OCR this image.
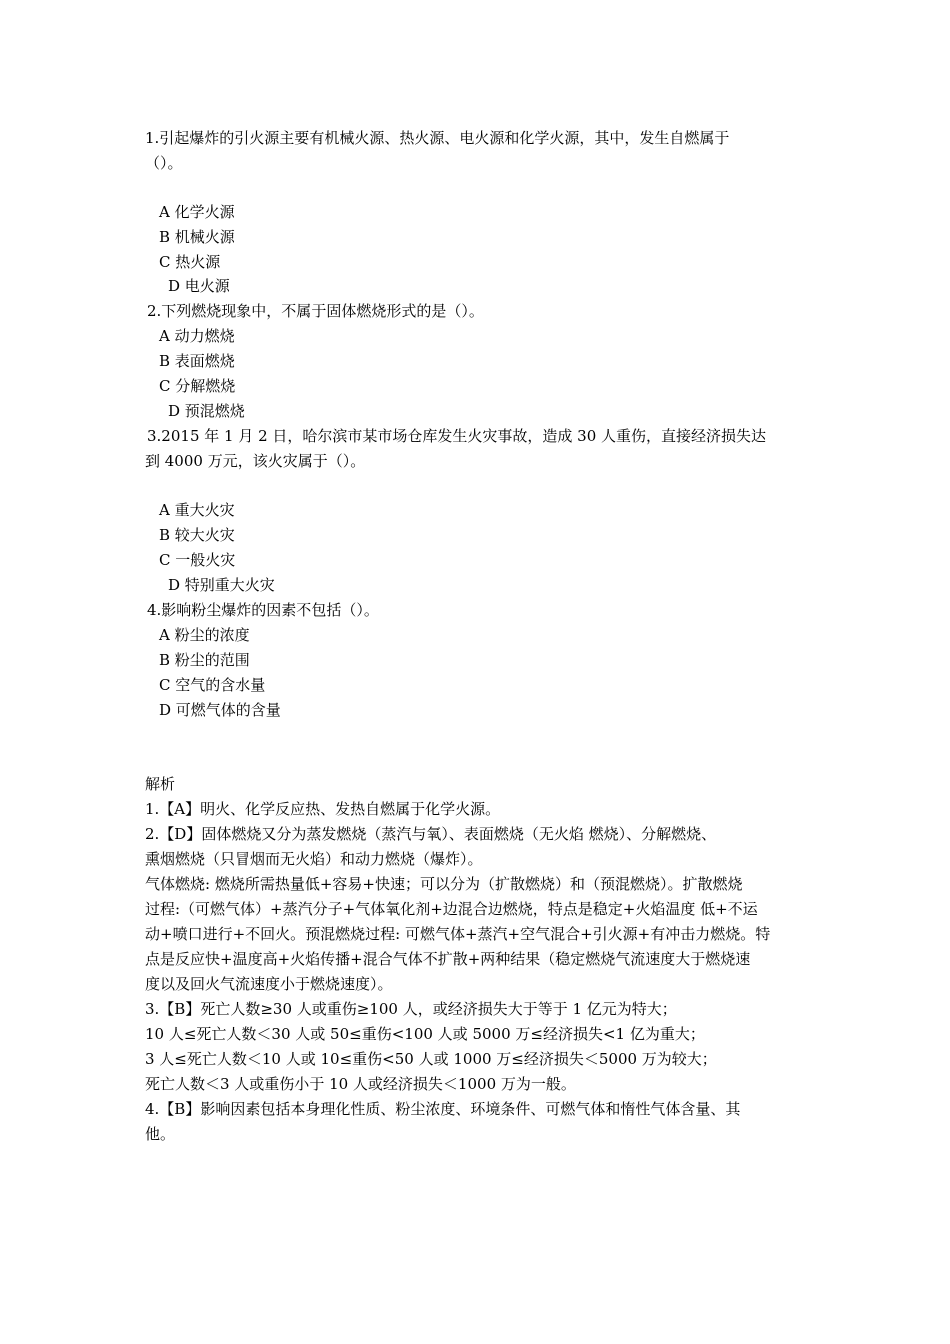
1.引起爆炸的引火源主要有机械火源、热火源、电火源和化学火源，其中，发生自燃属于
（）。
A 化学火源
B 机械火源
C 热火源
D 电火源
2.下列燃烧现象中，不属于固体燃烧形式的是（）。
A 动力燃烧
B 表面燃烧
C 分解燃烧
D 预混燃烧
3.2015 年 1 月 2 日，哈尔滨市某市场仓库发生火灾事故，造成 30 人重伤，直接经济损失达
到 4000 万元，该火灾属于（）。
A 重大火灾
B 较大火灾
C 一般火灾
D 特别重大火灾
4.影响粉尘爆炸的因素不包括（）。
A 粉尘的浓度
B 粉尘的范围
C 空气的含水量
D 可燃气体的含量
解析
1.【A】明火、化学反应热、发热自燃属于化学火源。
2.【D】固体燃烧又分为蒸发燃烧（蒸汽与氧）、表面燃烧（无火焰 燃烧）、分解燃烧、
熏烟燃烧（只冒烟而无火焰）和动力燃烧（爆炸）。
气体燃烧: 燃烧所需热量低+容易+快速；可以分为（扩散燃烧）和（预混燃烧）。扩散燃烧
过程:（可燃气体）+蒸汽分子+气体氧化剂+边混合边燃烧，特点是稳定+火焰温度 低+不运
动+喷口进行+不回火。预混燃烧过程: 可燃气体+蒸汽+空气混合+引火源+有冲击力燃烧。特
点是反应快+温度高+火焰传播+混合气体不扩散+两种结果（稳定燃烧气流速度大于燃烧速
度以及回火气流速度小于燃烧速度）。
3.【B】死亡人数≥30 人或重伤≥100 人，或经济损失大于等于 1 亿元为特大；
10 人≤死亡人数＜30 人或 50≤重伤<100 人或 5000 万≤经济损失<1 亿为重大；
3 人≤死亡人数＜10 人或 10≤重伤<50 人或 1000 万≤经济损失＜5000 万为较大；
死亡人数＜3 人或重伤小于 10 人或经济损失＜1000 万为一般。
4.【B】影响因素包括本身理化性质、粉尘浓度、环境条件、可燃气体和惰性气体含量、其
他。
